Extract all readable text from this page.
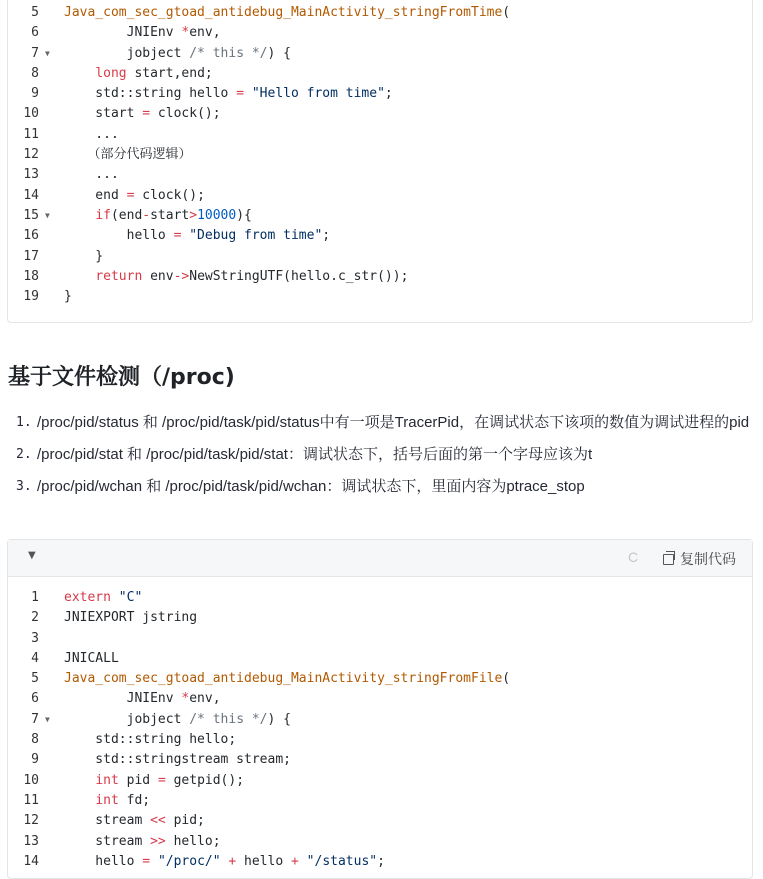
5 Java_com_sec_gtoad_antidebug_MainActivity_stringFromTime(
6 JNIEnv *env,
7 ▼ jobject /* this */) {
8	long start,end;
9 std::string hello = "Hello from time";
10 start = clock();
11 ...
12 （部分代码逻辑）
13 ...
14 end = clock();
15 ▼	if(end-start>10000){
16 hello = "Debug from time";
17 }
18	return env->NewStringUTF(hello.c_str());
19 }
基于文件检测（/proc)
1. /proc/pid/status 和 /proc/pid/task/pid/status中有一项是TracerPid，在调试状态下该项的数值为调试进程的pid
2. /proc/pid/stat 和 /proc/pid/task/pid/stat：调试状态下，括号后面的第一个字母应该为t
3. /proc/pid/wchan 和 /proc/pid/task/pid/wchan：调试状态下，里面内容为ptrace_stop
▼	C	复制代码
1 extern "C"
2 JNIEXPORT jstring
3
4 JNICALL
5 Java_com_sec_gtoad_antidebug_MainActivity_stringFromFile(
6 JNIEnv *env,
7 ▼ jobject /* this */) {
8 std::string hello;
9 std::stringstream stream;
10	int pid = getpid();
11	int fd;
12 stream << pid;
13 stream >> hello;
14 hello = "/proc/" + hello + "/status";
